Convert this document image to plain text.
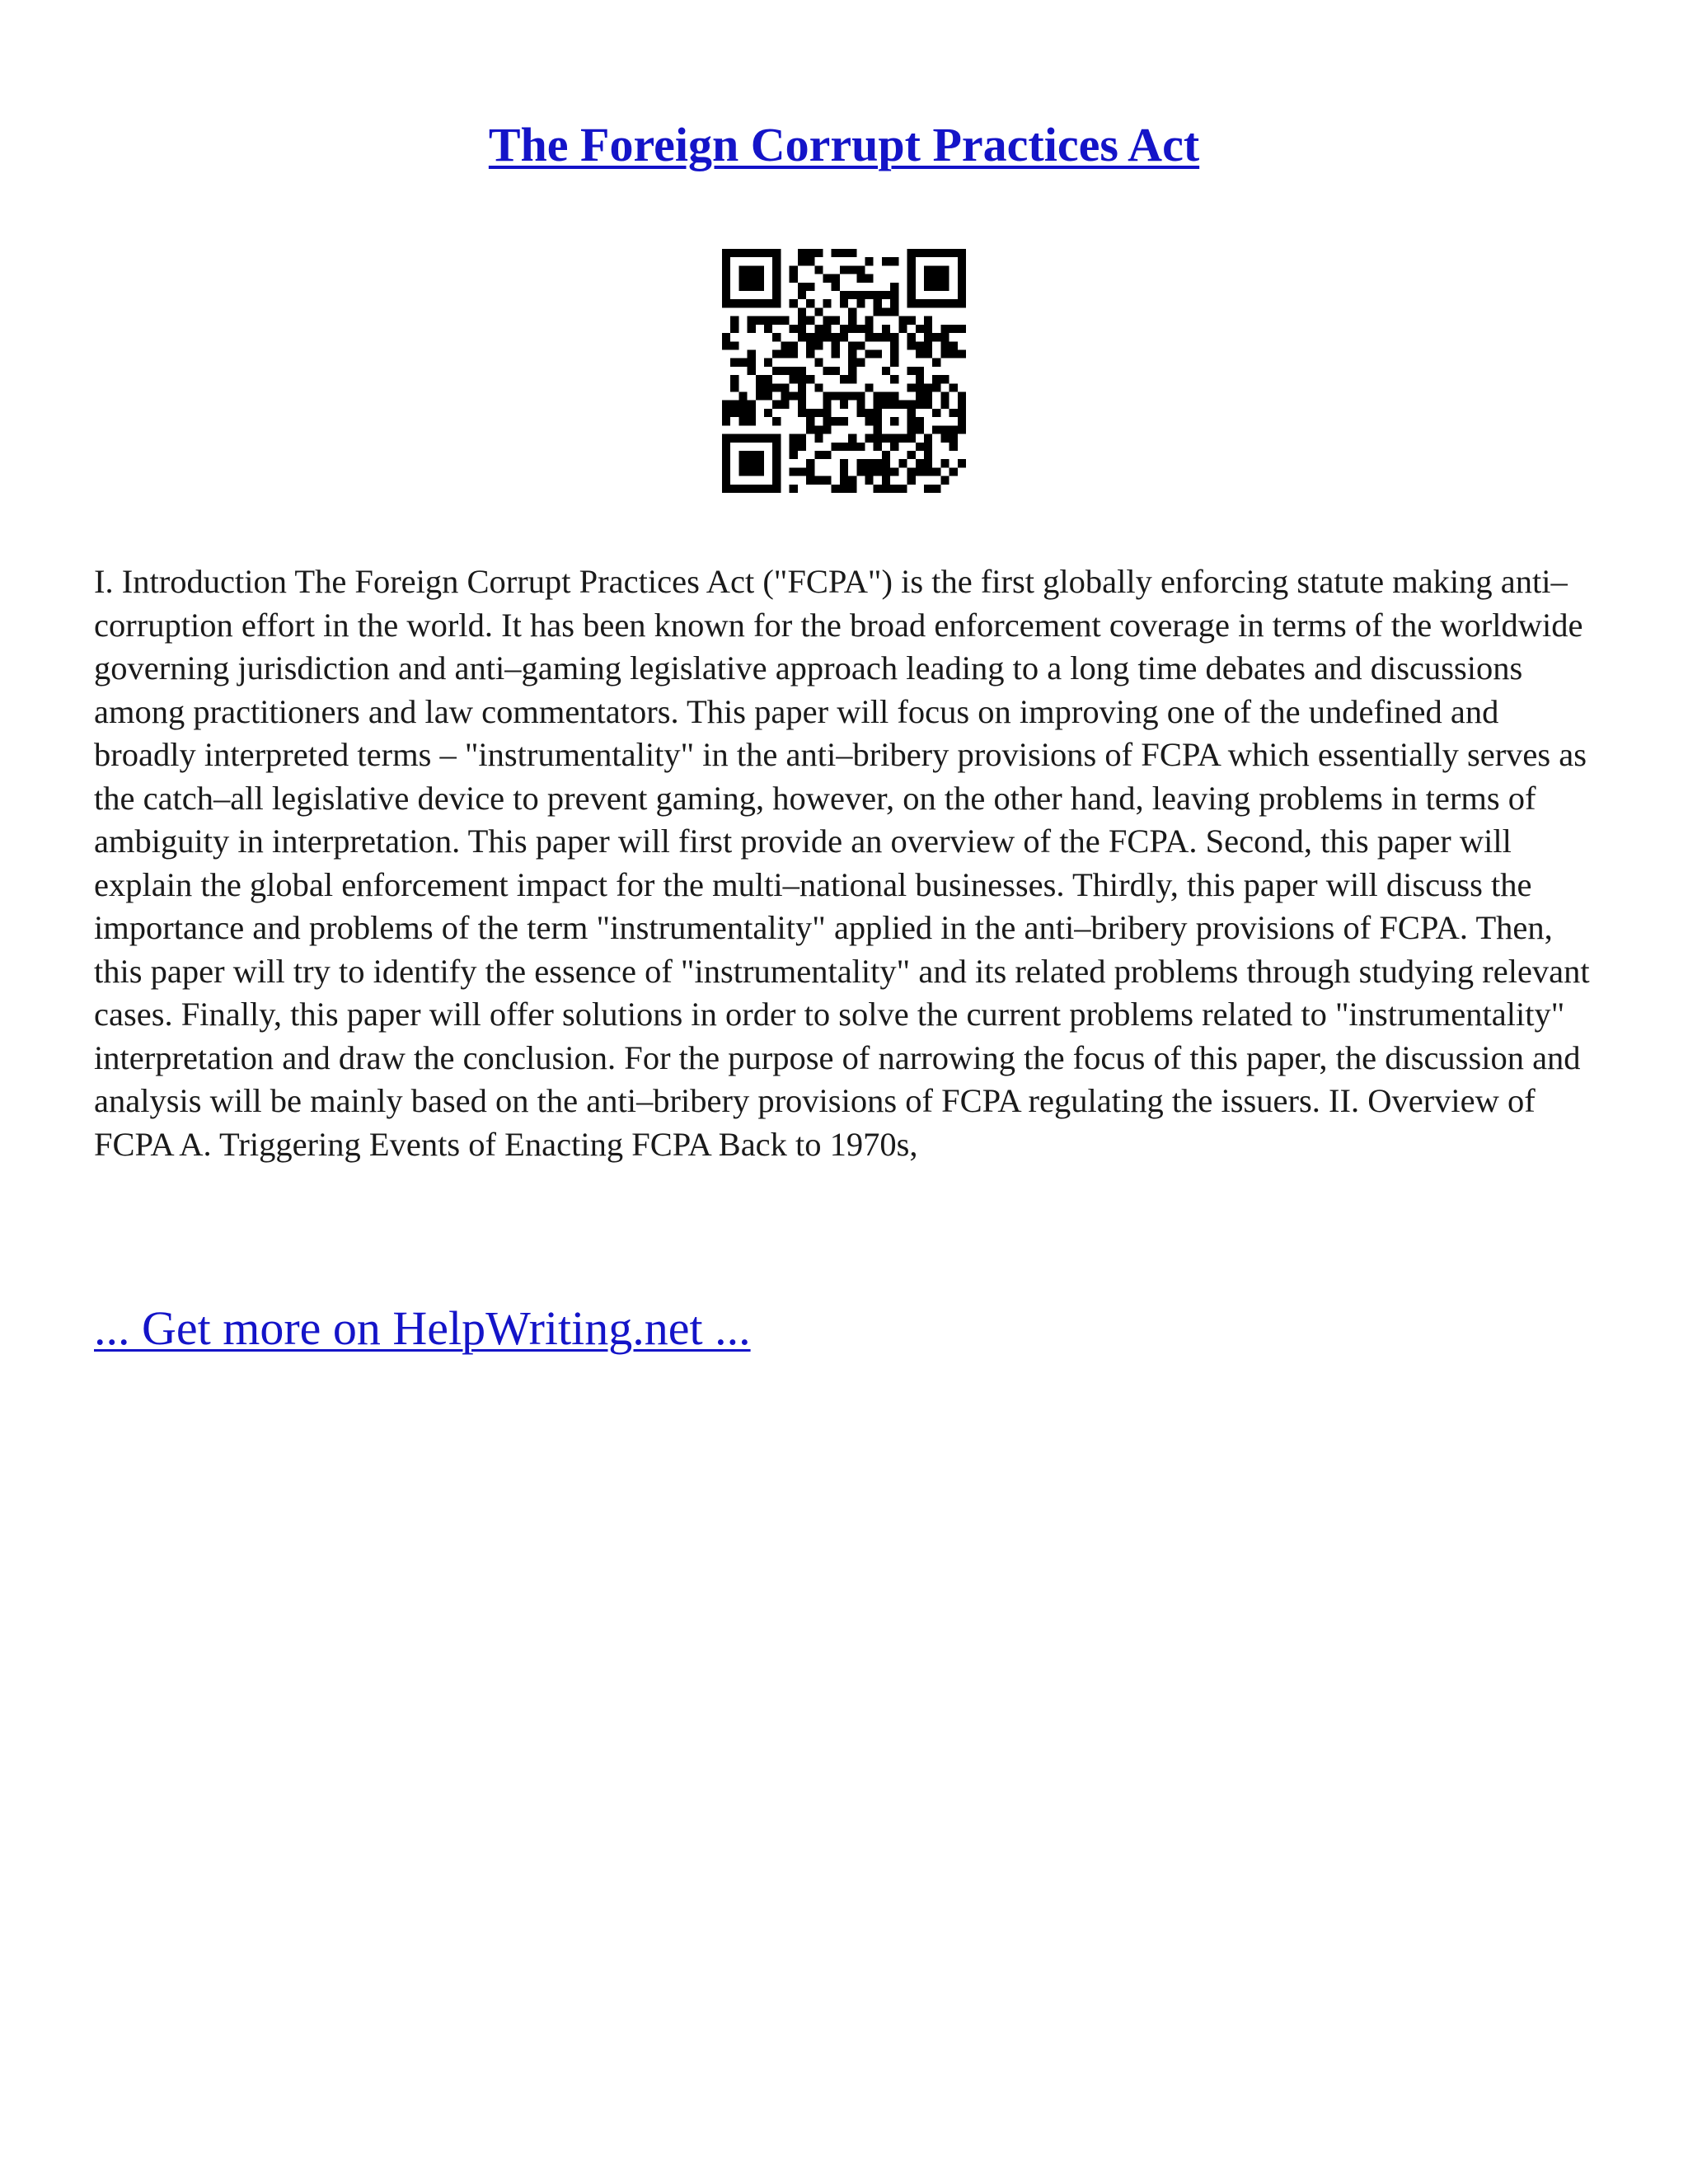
The Foreign Corrupt Practices Act

I. Introduction The Foreign Corrupt Practices Act ("FCPA") is the first globally enforcing statute making anti–corruption effort in the world. It has been known for the broad enforcement coverage in terms of the worldwide governing jurisdiction and anti–gaming legislative approach leading to a long time debates and discussions among practitioners and law commentators. This paper will focus on improving one of the undefined and broadly interpreted terms – "instrumentality" in the anti–bribery provisions of FCPA which essentially serves as the catch–all legislative device to prevent gaming, however, on the other hand, leaving problems in terms of ambiguity in interpretation. This paper will first provide an overview of the FCPA. Second, this paper will explain the global enforcement impact for the multi–national businesses. Thirdly, this paper will discuss the importance and problems of the term "instrumentality" applied in the anti–bribery provisions of FCPA. Then, this paper will try to identify the essence of "instrumentality" and its related problems through studying relevant cases. Finally, this paper will offer solutions in order to solve the current problems related to "instrumentality" interpretation and draw the conclusion. For the purpose of narrowing the focus of this paper, the discussion and analysis will be mainly based on the anti–bribery provisions of FCPA regulating the issuers. II. Overview of FCPA A. Triggering Events of Enacting FCPA Back to 1970s,

... Get more on HelpWriting.net ...
